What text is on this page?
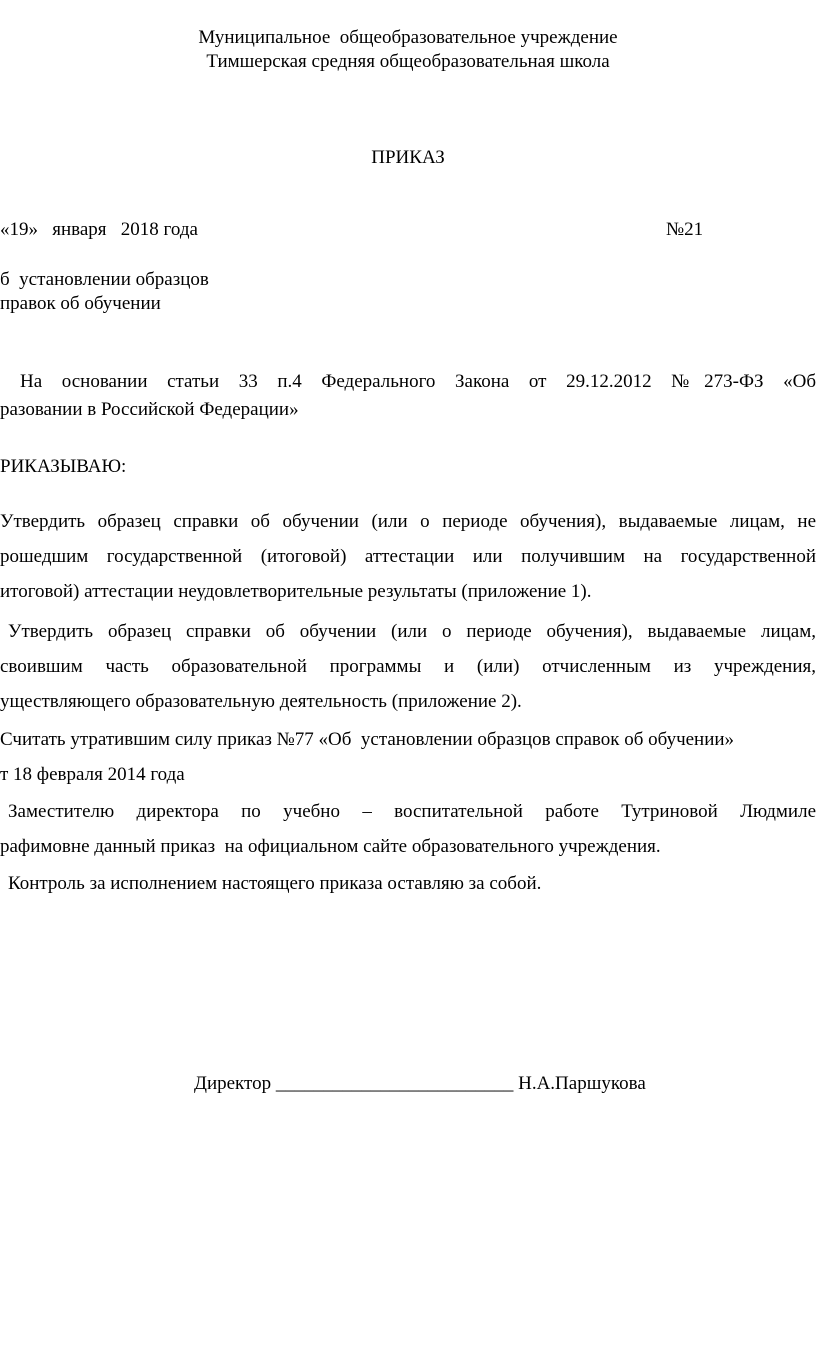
Муниципальное  общеобразовательное учреждение
Тимшерская средняя общеобразовательная школа
ПРИКАЗ
«19»   января   2018 года	№21
б  установлении образцов
правок об обучении
На основании статьи 33 п.4 Федерального Закона от 29.12.2012 №273-ФЗ «Об
разовании в Российской Федерации»
РИКАЗЫВАЮ:
Утвердить образец справки об обучении (или о периоде обучения), выдаваемые лицам, не
рошедшим государственной (итоговой) аттестации или получившим на государственной
итоговой) аттестации неудовлетворительные результаты (приложение 1).
Утвердить образец справки об обучении (или о периоде обучения), выдаваемые лицам,
своившим часть образовательной программы и (или) отчисленным из учреждения,
уществляющего образовательную деятельность (приложение 2).
Считать утратившим силу приказ №77 «Об  установлении образцов справок об обучении»
т 18 февраля 2014 года
Заместителю директора по учебно – воспитательной работе Тутриновой Людмиле
рафимовне данный приказ  на официальном сайте образовательного учреждения.
Контроль за исполнением настоящего приказа оставляю за собой.
Директор _________________________ Н.А.Паршукова
